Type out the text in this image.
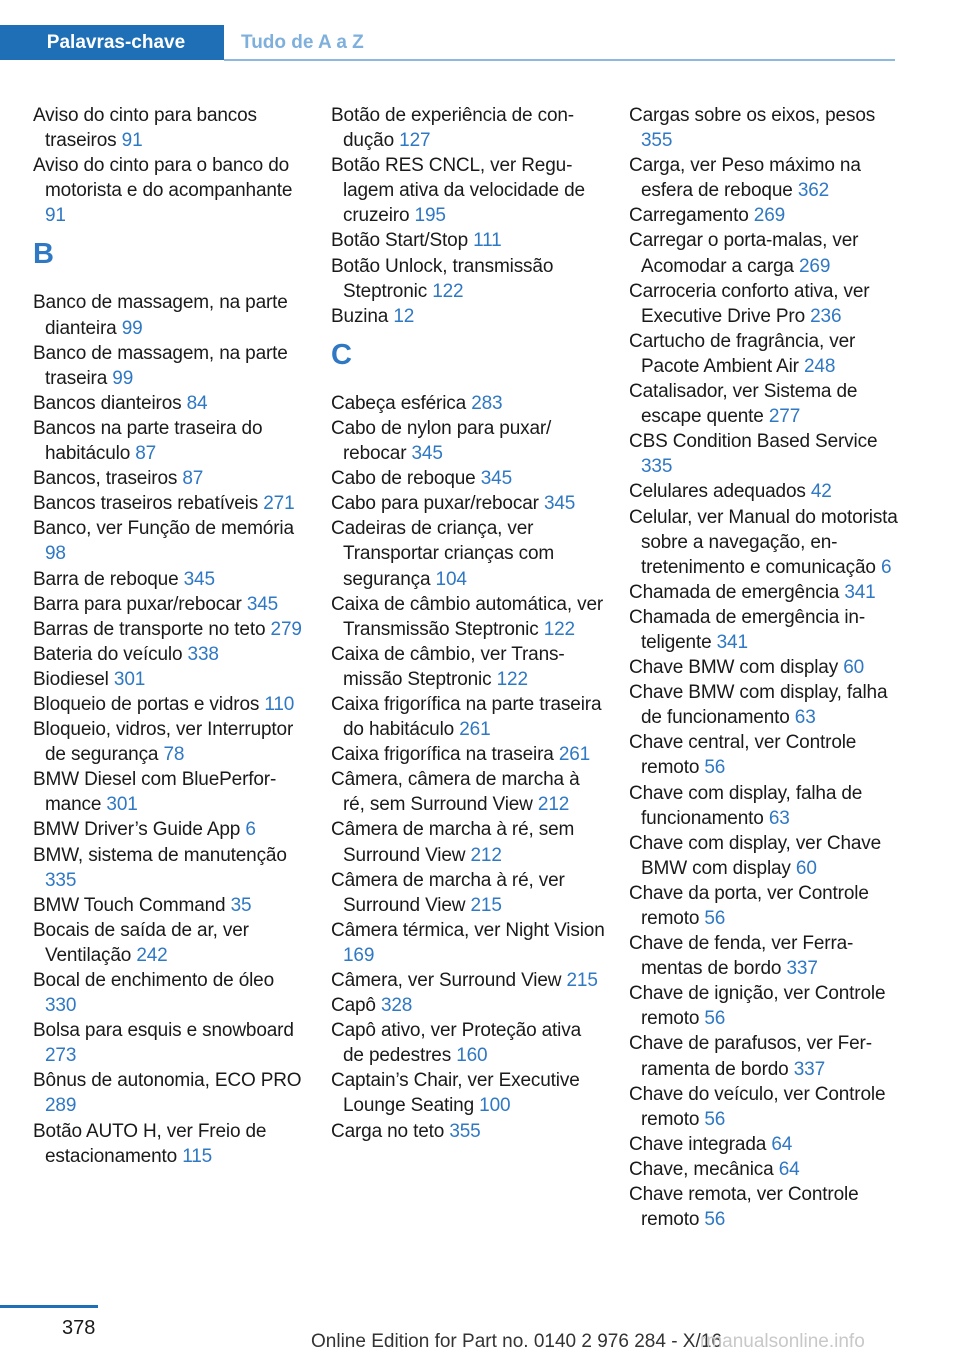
Palavras-chave	Tudo de A a Z
Aviso do cinto para bancos traseiros 91
Aviso do cinto para o banco do motorista e do acompanhante 91
B
Banco de massagem, na parte dianteira 99
Banco de massagem, na parte traseira 99
Bancos dianteiros 84
Bancos na parte traseira do habitáculo 87
Bancos, traseiros 87
Bancos traseiros rebatíveis 271
Banco, ver Função de memória 98
Barra de reboque 345
Barra para puxar/rebocar 345
Barras de transporte no teto 279
Bateria do veículo 338
Biodiesel 301
Bloqueio de portas e vidros 110
Bloqueio, vidros, ver Interruptor de segurança 78
BMW Diesel com BluePerformance 301
BMW Driver’s Guide App 6
BMW, sistema de manutenção 335
BMW Touch Command 35
Bocais de saída de ar, ver Ventilação 242
Bocal de enchimento de óleo 330
Bolsa para esquis e snowboard 273
Bônus de autonomia, ECO PRO 289
Botão AUTO H, ver Freio de estacionamento 115
Botão de experiência de condução 127
Botão RES CNCL, ver Regulagem ativa da velocidade de cruzeiro 195
Botão Start/Stop 111
Botão Unlock, transmissão Steptronic 122
Buzina 12
C
Cabeça esférica 283
Cabo de nylon para puxar/ rebocar 345
Cabo de reboque 345
Cabo para puxar/rebocar 345
Cadeiras de criança, ver Transportar crianças com segurança 104
Caixa de câmbio automática, ver Transmissão Steptronic 122
Caixa de câmbio, ver Transmissão Steptronic 122
Caixa frigorífica na parte traseira do habitáculo 261
Caixa frigorífica na traseira 261
Câmera, câmera de marcha à ré, sem Surround View 212
Câmera de marcha à ré, sem Surround View 212
Câmera de marcha à ré, ver Surround View 215
Câmera térmica, ver Night Vision 169
Câmera, ver Surround View 215
Capô 328
Capô ativo, ver Proteção ativa de pedestres 160
Captain’s Chair, ver Executive Lounge Seating 100
Carga no teto 355
Cargas sobre os eixos, pesos 355
Carga, ver Peso máximo na esfera de reboque 362
Carregamento 269
Carregar o porta-malas, ver Acomodar a carga 269
Carroceria conforto ativa, ver Executive Drive Pro 236
Cartucho de fragrância, ver Pacote Ambient Air 248
Catalisador, ver Sistema de escape quente 277
CBS Condition Based Service 335
Celulares adequados 42
Celular, ver Manual do motorista sobre a navegação, entretenimento e comunicação 6
Chamada de emergência 341
Chamada de emergência inteligente 341
Chave BMW com display 60
Chave BMW com display, falha de funcionamento 63
Chave central, ver Controle remoto 56
Chave com display, falha de funcionamento 63
Chave com display, ver Chave BMW com display 60
Chave da porta, ver Controle remoto 56
Chave de fenda, ver Ferramentas de bordo 337
Chave de ignição, ver Controle remoto 56
Chave de parafusos, ver Ferramenta de bordo 337
Chave do veículo, ver Controle remoto 56
Chave integrada 64
Chave, mecânica 64
Chave remota, ver Controle remoto 56
378
Online Edition for Part no. 0140 2 976 284 - X/16
rmanualsonline.info
